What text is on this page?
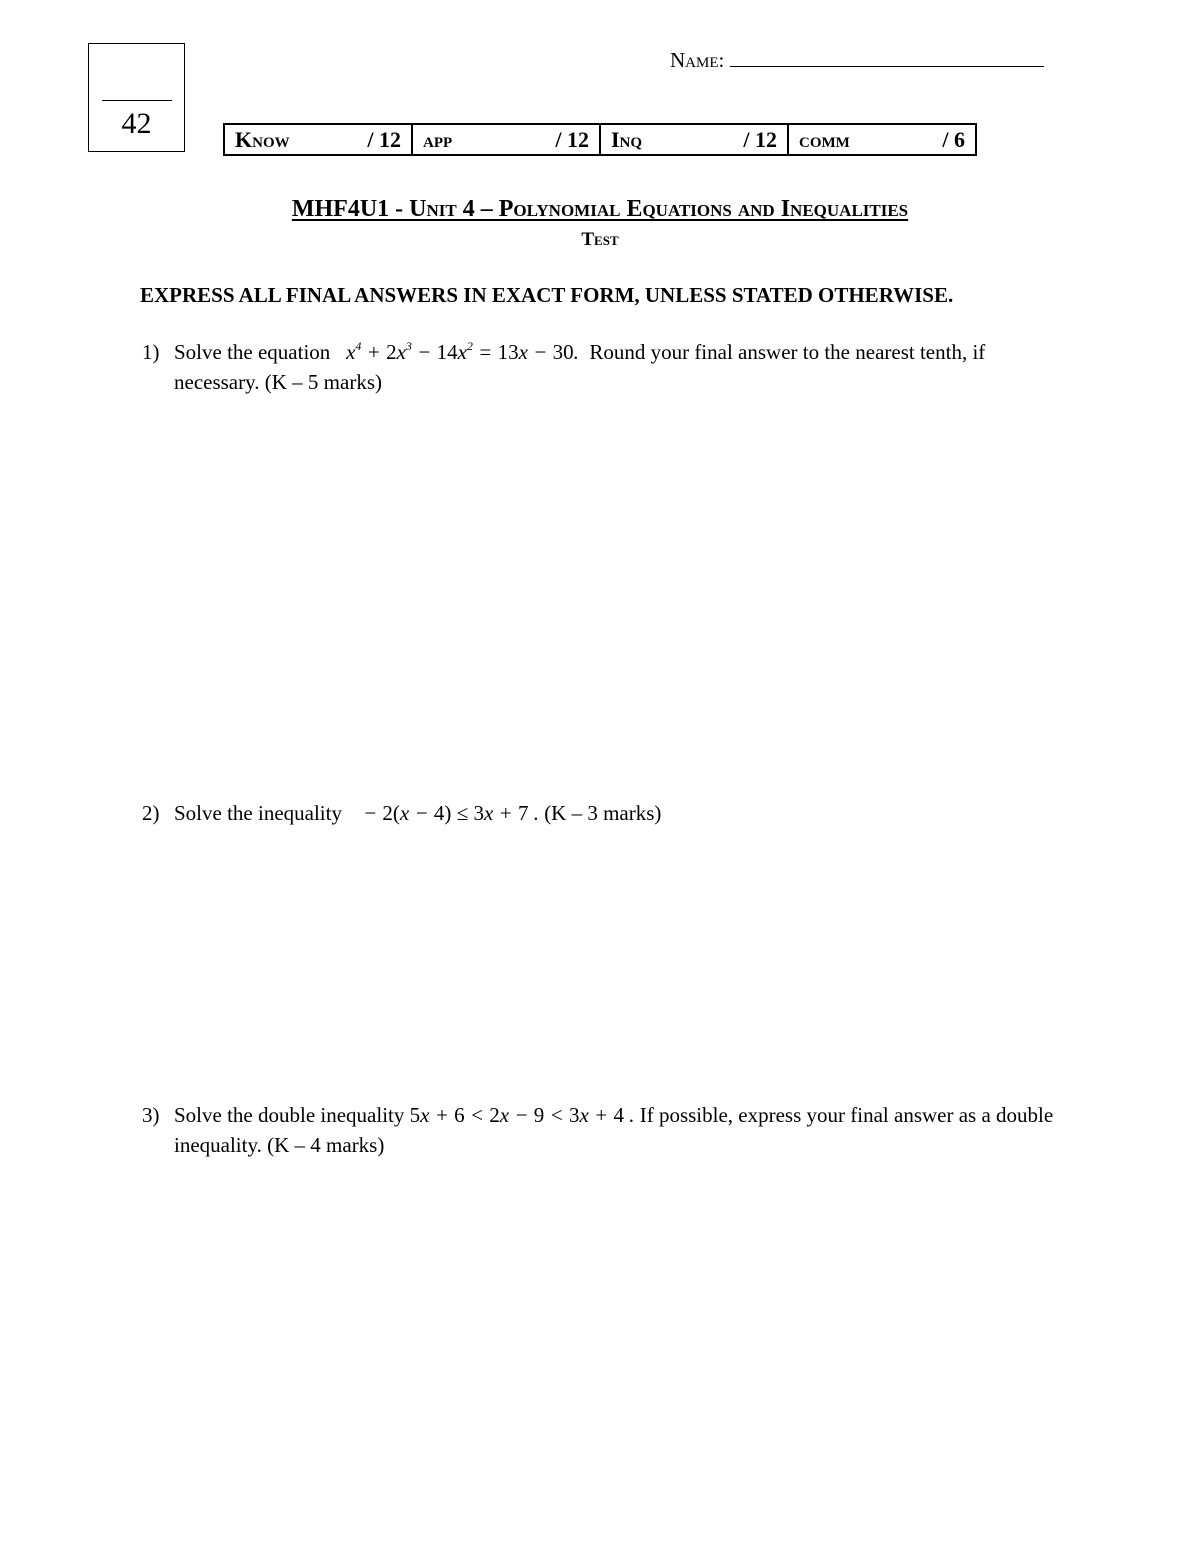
42
Name:
Know	/ 12 app	/ 12 Inq	/ 12 comm	/ 6
MHF4U1 - Unit 4 – Polynomial Equations and Inequalities
Test
EXPRESS ALL FINAL ANSWERS IN EXACT FORM, UNLESS STATED OTHERWISE.
1) Solve the equation   $x^4 + 2x^3 - 14x^2 = 13x - 30$. Round your final answer to the nearest tenth, if necessary. (K – 5 marks)
2) Solve the inequality    − 2(x − 4) ≤ 3x + 7 . (K – 3 marks)
3) Solve the double inequality 5x + 6 < 2x − 9 < 3x + 4 . If possible, express your final answer as a double inequality. (K – 4 marks)
